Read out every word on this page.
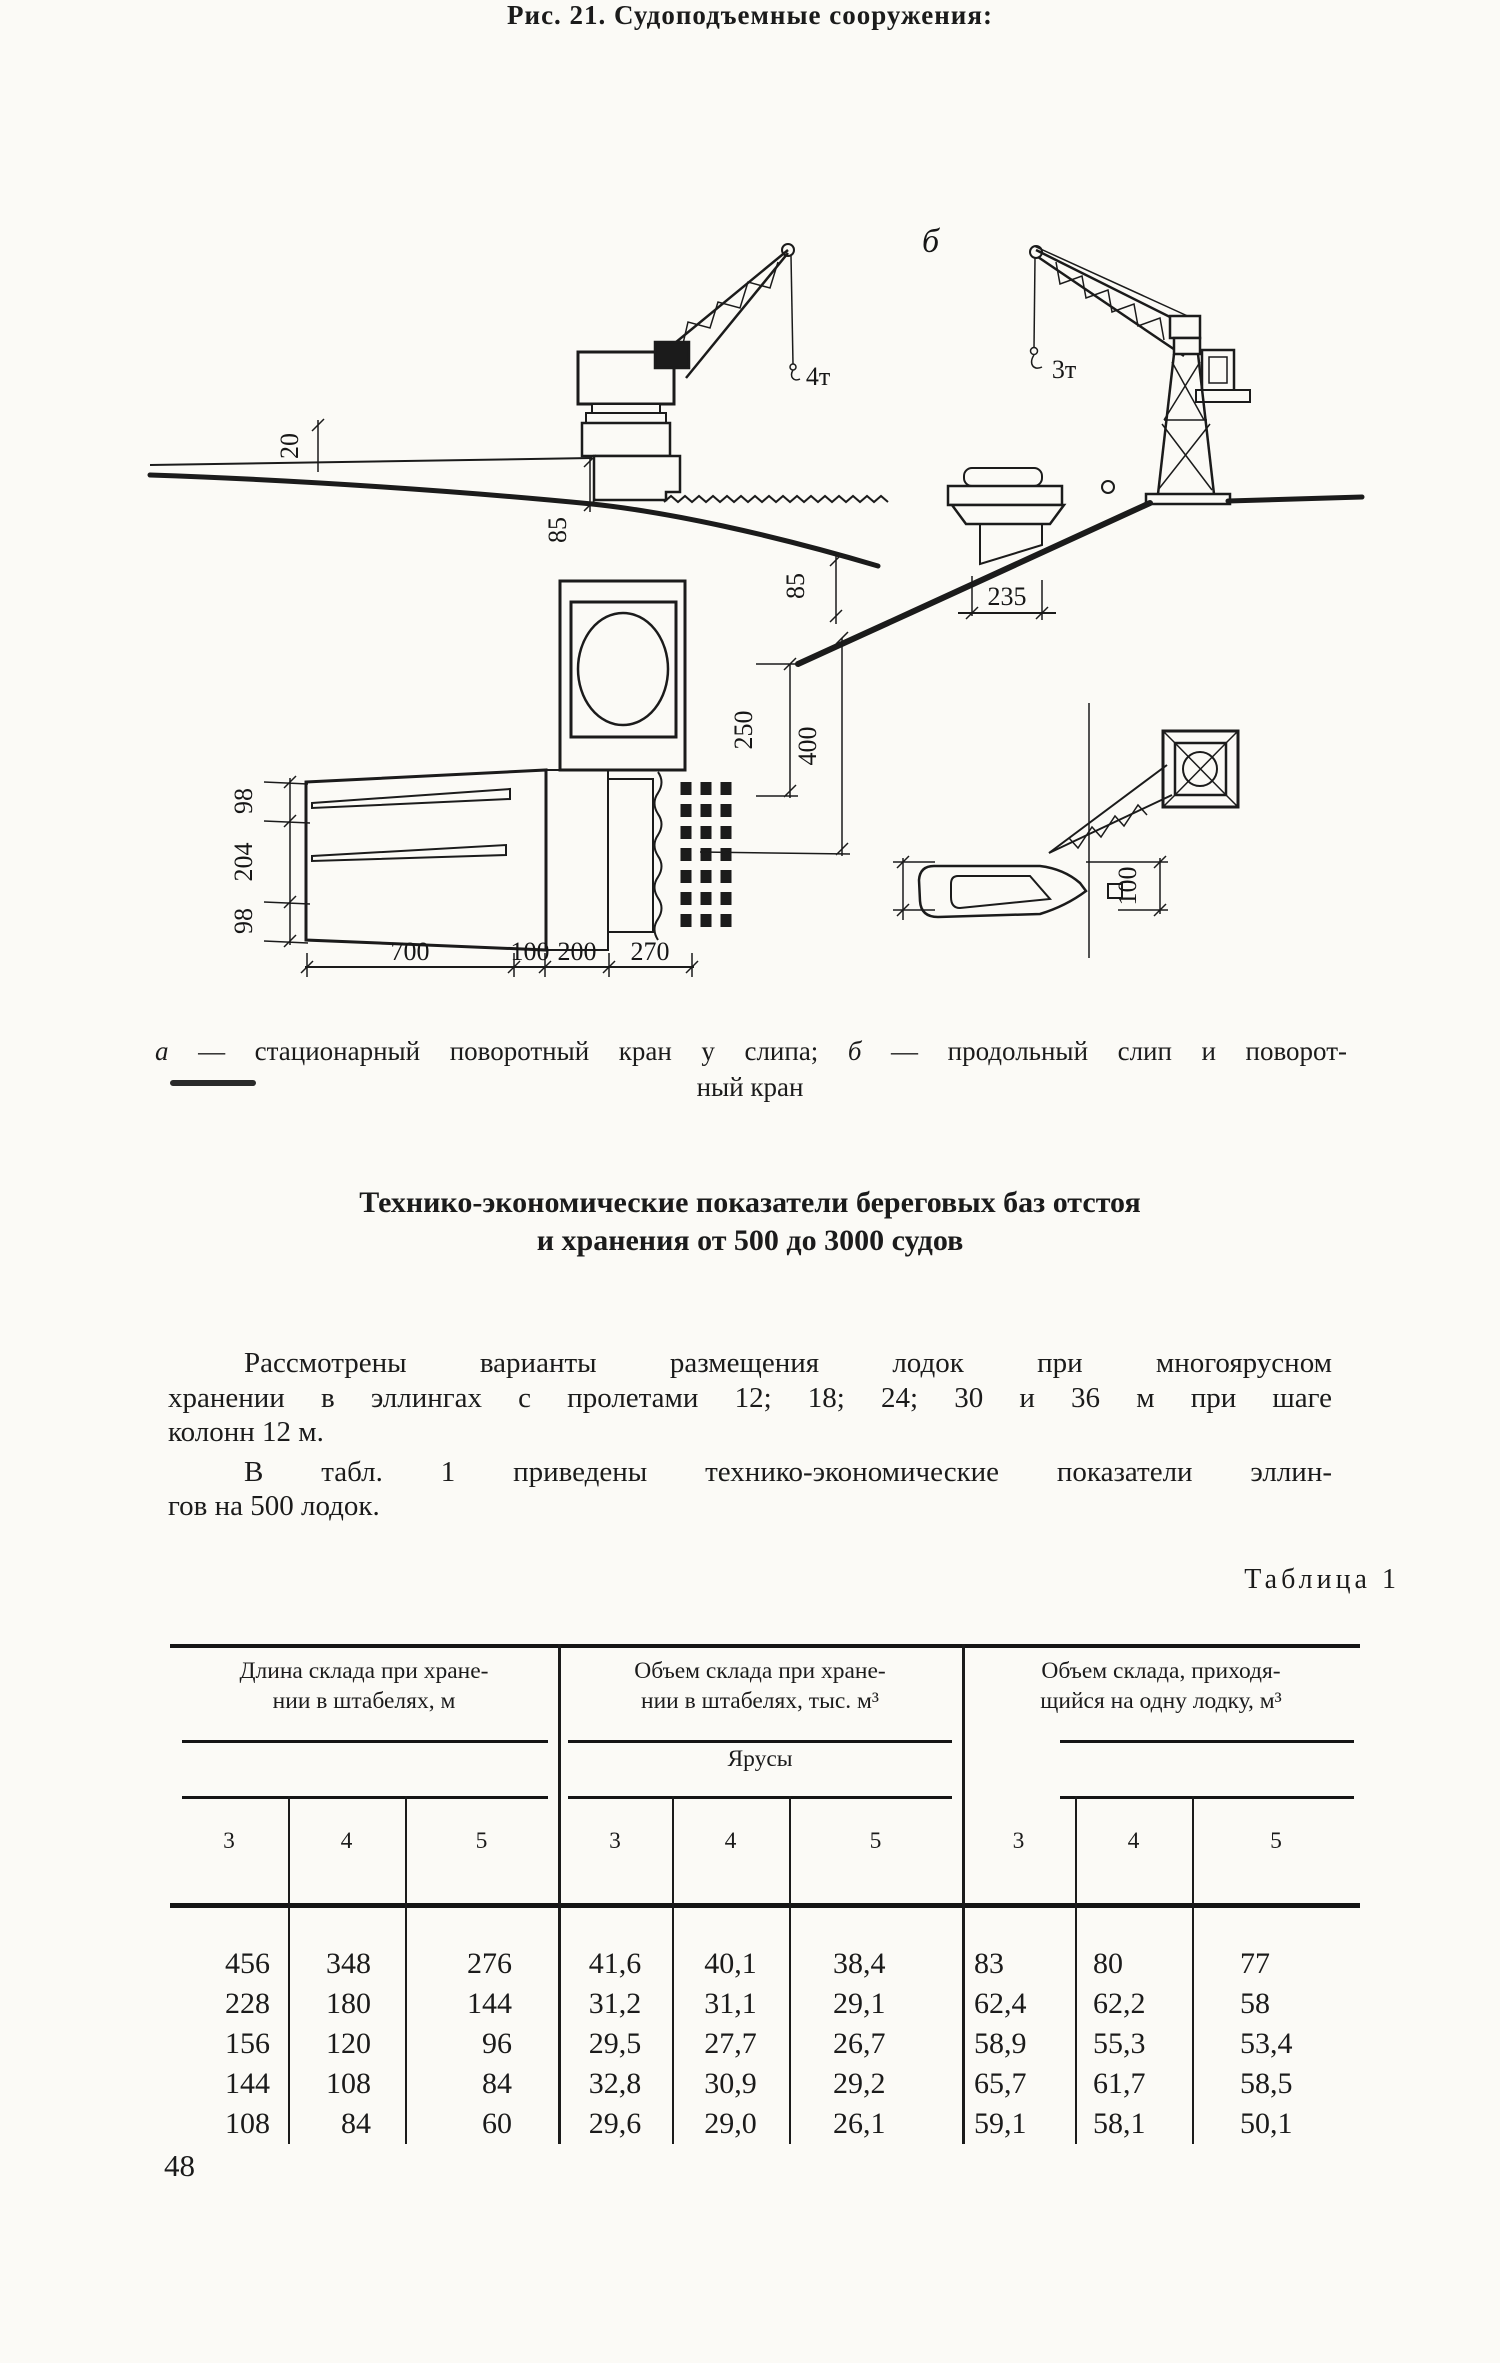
4т
20
85
б
3т
235
98
204
98
700	100 200 270
85
250 400
100
Рис. 21. Судоподъемные сооружения:
а — стационарный поворотный кран у слипа; б — продольный слип и поворот-
ный кран
Технико-экономические показатели береговых баз отстоя
и хранения от 500 до 3000 судов
Рассмотрены варианты размещения лодок при многоярусном
хранении в эллингах с пролетами 12; 18; 24; 30 и 36 м при шаге
колонн 12 м.
В табл. 1 приведены технико-экономические показатели эллин-
гов на 500 лодок.
Таблица 1
Длина склада при хране-
нии в штабелях, м
Объем склада при хране-
нии в штабелях, тыс. м³
Объем склада, приходя-
щийся на одну лодку, м³
Ярусы
3	4	5	3	4	5	3	4	5
456	348	276	41,6	40,1	38,4	83	80	77
228	180	144	31,2	31,1	29,1	62,4	62,2	58
156	120	96	29,5	27,7	26,7	58,9	55,3	53,4
144	108	84	32,8	30,9	29,2	65,7	61,7	58,5
108	84	60	29,6	29,0	26,1	59,1	58,1	50,1
48
